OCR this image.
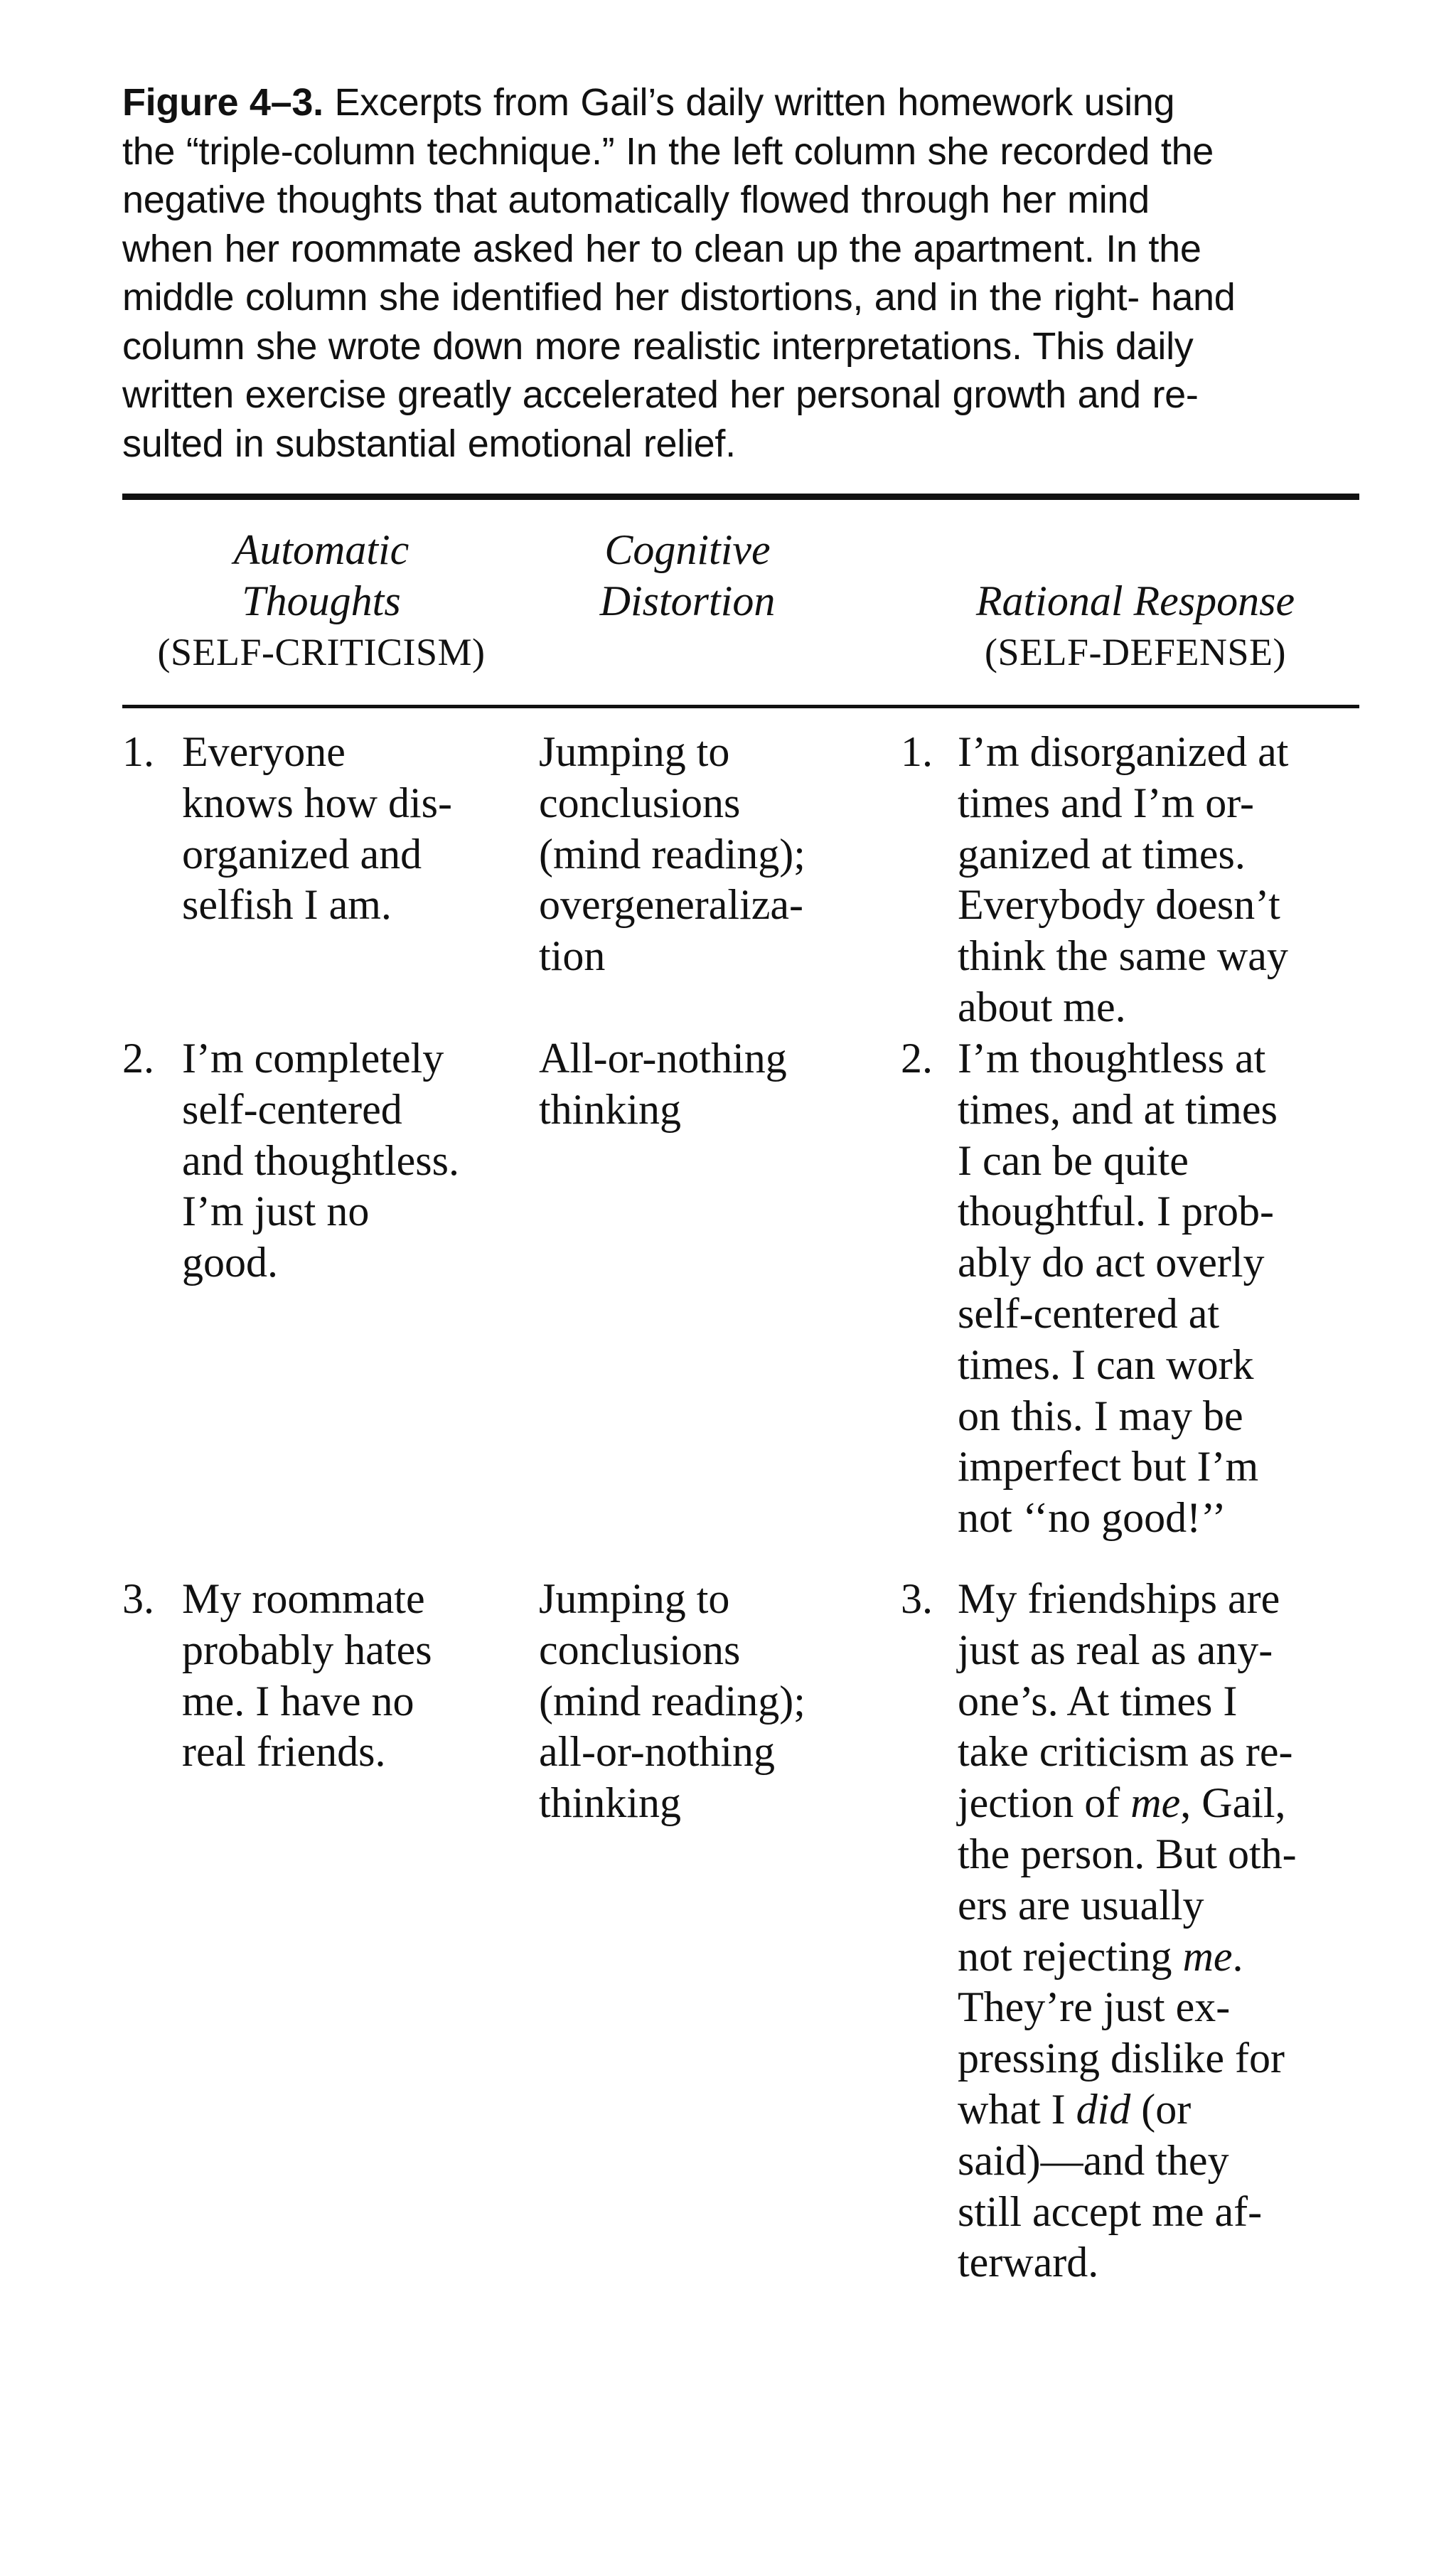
Figure 4–3. Excerpts from Gail’s daily written homework using
the “triple-column technique.” In the left column she recorded the
negative thoughts that automatically flowed through her mind
when her roommate asked her to clean up the apartment. In the
middle column she identified her distortions, and in the right- hand
column she wrote down more realistic interpretations. This daily
written exercise greatly accelerated her personal growth and re-
sulted in substantial emotional relief.

Automatic
Thoughts
(SELF-CRITICISM)
Cognitive
Distortion	Rational Response
(SELF-DEFENSE)
1. Everyone
knows how dis-
organized and
selfish I am.
Jumping to
conclusions
(mind reading);
overgeneraliza-
tion
1. I’m disorganized at
times and I’m or-
ganized at times.
Everybody doesn’t
think the same way
about me.
2. I’m completely
self-centered
and thoughtless.
I’m just no
good.
All-or-nothing
thinking
2. I’m thoughtless at
times, and at times
I can be quite
thoughtful. I prob-
ably do act overly
self-centered at
times. I can work
on this. I may be
imperfect but I’m
not ‘‘no good!’’
3. My roommate
probably hates
me. I have no
real friends.
Jumping to
conclusions
(mind reading);
all-or-nothing
thinking
3. My friendships are
just as real as any-
one’s. At times I
take criticism as re-
jection of me, Gail,
the person. But oth-
ers are usually
not rejecting me.
They’re just ex-
pressing dislike for
what I did (or
said)—and they
still accept me af-
terward.
